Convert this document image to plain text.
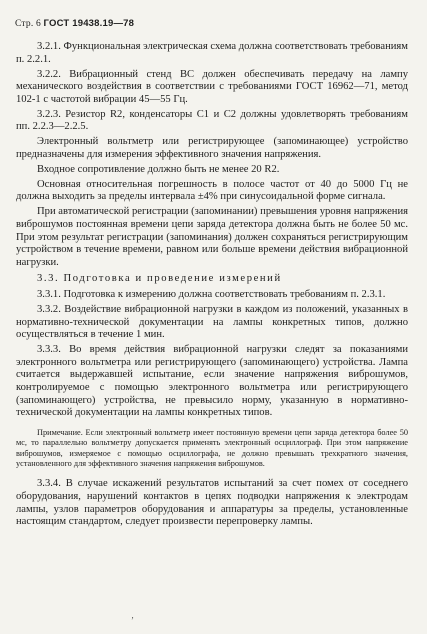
Стр. 6 ГОСТ 19438.19—78

3.2.1. Функциональная электрическая схема должна соответствовать требованиям п. 2.2.1.

3.2.2. Вибрационный стенд ВС должен обеспечивать передачу на лампу механического воздействия в соответствии с требованиями ГОСТ 16962—71, метод 102-1 с частотой вибрации 45—55 Гц.

3.2.3. Резистор R2, конденсаторы C1 и C2 должны удовлетворять требованиям пп. 2.2.3—2.2.5.

Электронный вольтметр или регистрирующее (запоминающее) устройство предназначены для измерения эффективного значения напряжения.

Входное сопротивление должно быть не менее 20 R2.

Основная относительная погрешность в полосе частот от 40 до 5000 Гц не должна выходить за пределы интервала ±4% при синусоидальной форме сигнала.

При автоматической регистрации (запоминании) превышения уровня напряжения виброшумов постоянная времени цепи заряда детектора должна быть не более 50 мс. При этом результат регистрации (запоминания) должен сохраняться регистрирующим устройством в течение времени, равном или больше времени действия вибрационной нагрузки.

3.3. Подготовка и проведение измерений

3.3.1. Подготовка к измерению должна соответствовать требованиям п. 2.3.1.

3.3.2. Воздействие вибрационной нагрузки в каждом из положений, указанных в нормативно-технической документации на лампы конкретных типов, должно осуществляться в течение 1 мин.

3.3.3. Во время действия вибрационной нагрузки следят за показаниями электронного вольтметра или регистрирующего (запоминающего) устройства. Лампа считается выдержавшей испытание, если значение напряжения виброшумов, контролируемое с помощью электронного вольтметра или регистрирующего (запоминающего) устройства, не превысило норму, указанную в нормативно-технической документации на лампы конкретных типов.

Примечание. Если электронный вольтметр имеет постоянную времени цепи заряда детектора более 50 мс, то параллельно вольтметру допускается применять электронный осциллограф. При этом напряжение виброшумов, измеряемое с помощью осциллографа, не должно превышать трехкратного значения, установленного для эффективного значения напряжения виброшумов.

3.3.4. В случае искажений результатов испытаний за счет помех от соседнего оборудования, нарушений контактов в цепях подводки напряжения к электродам лампы, узлов параметров оборудования и аппаратуры за пределы, установленные настоящим стандартом, следует произвести перепроверку лампы.

‚
